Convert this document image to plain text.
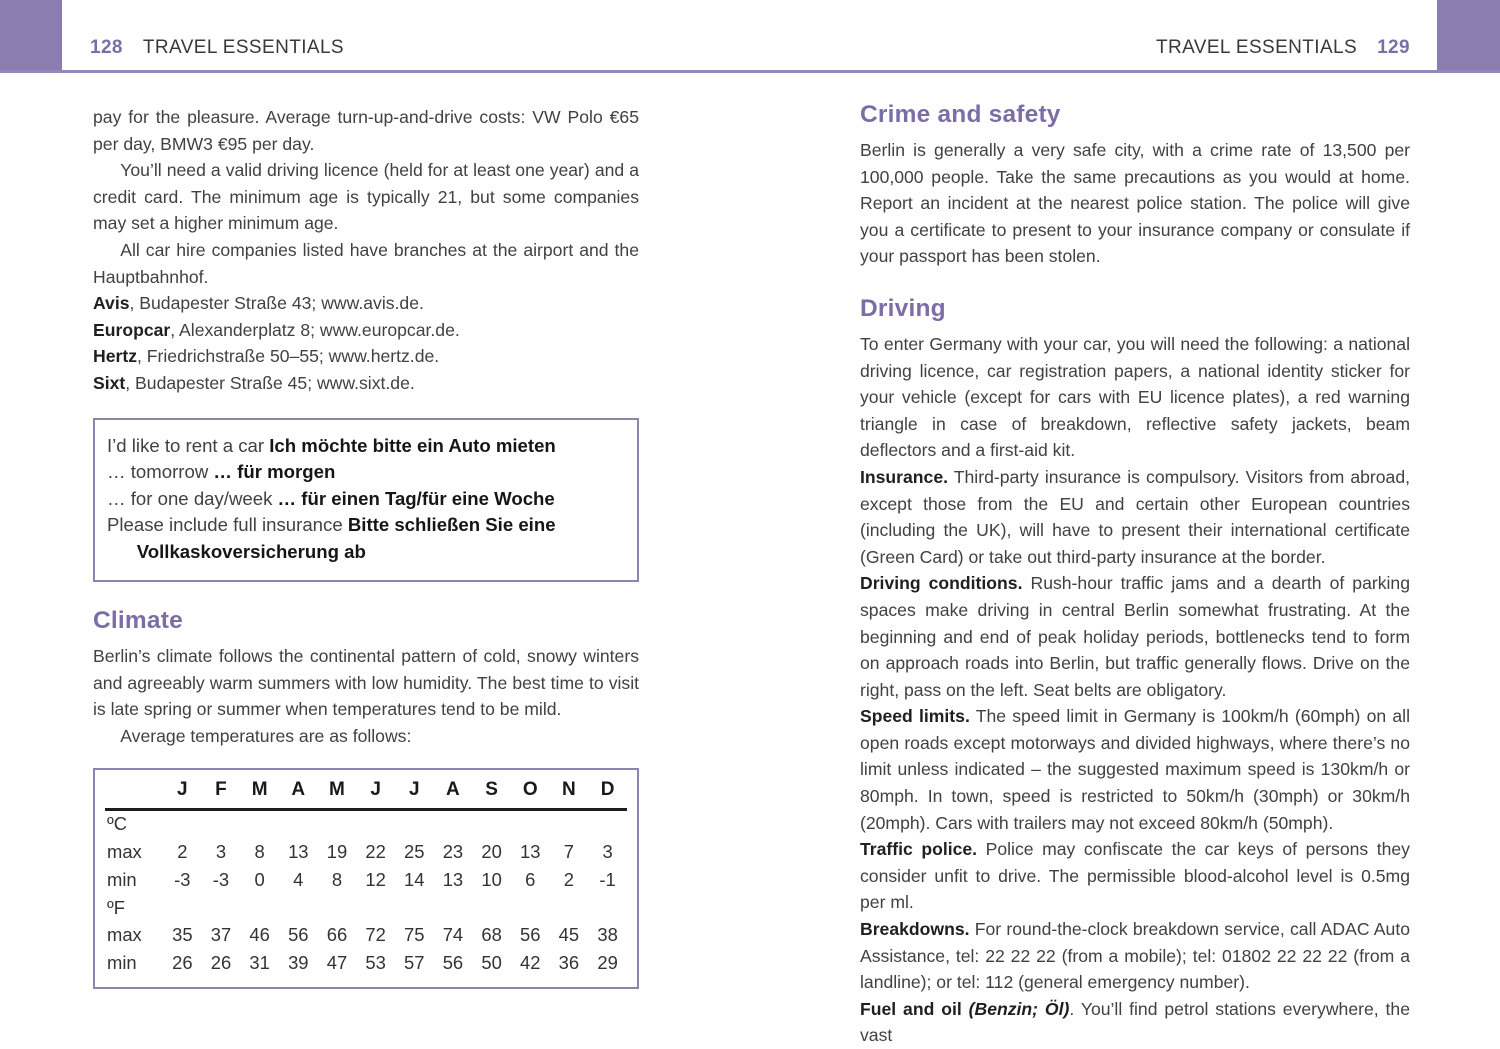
128 TRAVEL ESSENTIALS	TRAVEL ESSENTIALS 129

pay for the pleasure. Average turn-up-and-drive costs: VW Polo €65 per day, BMW3 €95 per day.

You’ll need a valid driving licence (held for at least one year) and a credit card. The minimum age is typically 21, but some companies may set a higher minimum age.

All car hire companies listed have branches at the airport and the Hauptbahnhof.

Avis, Budapester Straße 43; www.avis.de.

Europcar, Alexanderplatz 8; www.europcar.de.

Hertz, Friedrichstraße 50–55; www.hertz.de.

Sixt, Budapester Straße 45; www.sixt.de.

I’d like to rent a car Ich möchte bitte ein Auto mieten

… tomorrow … für morgen

… for one day/week … für einen Tag/für eine Woche

Please include full insurance Bitte schließen Sie eine Vollkaskoversicherung ab

Climate

Berlin’s climate follows the continental pattern of cold, snowy winters and agreeably warm summers with low humidity. The best time to visit is late spring or summer when temperatures tend to be mild.

Average temperatures are as follows:

	J	F	M	A	M	J	J	A	S	O	N	D
ºC												
max	2	3	8	13	19	22	25	23	20	13	7	3
min	-3	-3	0	4	8	12	14	13	10	6	2	-1
ºF												
max	35	37	46	56	66	72	75	74	68	56	45	38
min	26	26	31	39	47	53	57	56	50	42	36	29
Crime and safety

Berlin is generally a very safe city, with a crime rate of 13,500 per 100,000 people. Take the same precautions as you would at home. Report an incident at the nearest police station. The police will give you a certificate to present to your insurance company or consulate if your passport has been stolen.

Driving

To enter Germany with your car, you will need the following: a national driving licence, car registration papers, a national identity sticker for your vehicle (except for cars with EU licence plates), a red warning triangle in case of breakdown, reflective safety jackets, beam deflectors and a first-aid kit.

Insurance. Third-party insurance is compulsory. Visitors from abroad, except those from the EU and certain other European countries (including the UK), will have to present their international certificate (Green Card) or take out third-party insurance at the border.

Driving conditions. Rush-hour traffic jams and a dearth of parking spaces make driving in central Berlin somewhat frustrating. At the beginning and end of peak holiday periods, bottlenecks tend to form on approach roads into Berlin, but traffic generally flows. Drive on the right, pass on the left. Seat belts are obligatory.

Speed limits. The speed limit in Germany is 100km/h (60mph) on all open roads except motorways and divided highways, where there’s no limit unless indicated – the suggested maximum speed is 130km/h or 80mph. In town, speed is restricted to 50km/h (30mph) or 30km/h (20mph). Cars with trailers may not exceed 80km/h (50mph).

Traffic police. Police may confiscate the car keys of persons they consider unfit to drive. The permissible blood-alcohol level is 0.5mg per ml.

Breakdowns. For round-the-clock breakdown service, call ADAC Auto Assistance, tel: 22 22 22 (from a mobile); tel: 01802 22 22 22 (from a landline); or tel: 112 (general emergency number).

Fuel and oil (Benzin; Öl). You’ll find petrol stations everywhere, the vast
